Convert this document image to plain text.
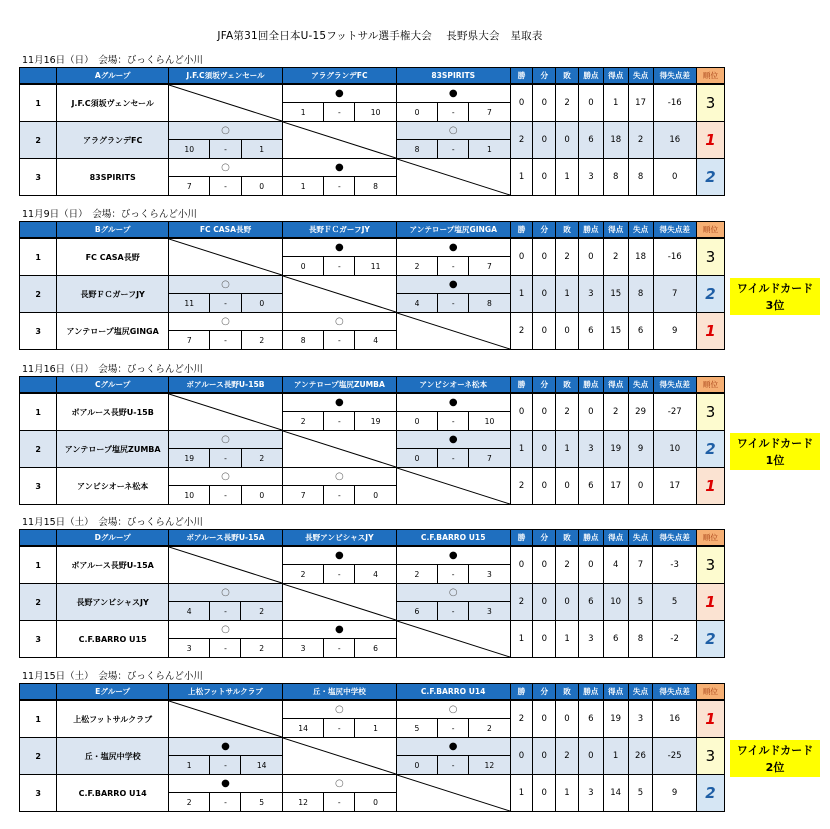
JFA第31回全日本U-15フットサル選手権大会　 長野県大会　星取表
11月16日（日）　会場：びっくらんど小川
	Aグループ	J.F.C須坂ヴェンセール			アラグランデFC			83SPIRITS			勝	分	敗	勝点	得点	失点	得失点差	順位
1	J.F.C須坂ヴェンセール				●			●			0	0	2	0	1	17	-16	3
					1	-	10	0	-	7								
2	アラグランデFC	○						○			2	0	0	6	18	2	16	1
		10	-	1				8	-	1								
3	83SPIRITS	○			●						1	0	1	3	8	8	0	2
		7	-	0	1	-	8											
11月9日（日）　会場：びっくらんど小川
	Bグループ	FC CASA長野			長野ＦＣガーフJY			アンテロープ塩尻GINGA			勝	分	敗	勝点	得点	失点	得失点差	順位
1	FC CASA長野				●			●			0	0	2	0	2	18	-16	3
					0	-	11	2	-	7								
2	長野ＦＣガーフJY	○						●			1	0	1	3	15	8	7	2
		11	-	0				4	-	8								
3	アンテロープ塩尻GINGA	○			○						2	0	0	6	15	6	9	1
		7	-	2	8	-	4											
ワイルドカード
3位
11月16日（日）　会場：びっくらんど小川
	Cグループ	ボアルース長野U-15B			アンテロープ塩尻ZUMBA			アンビシオーネ松本			勝	分	敗	勝点	得点	失点	得失点差	順位
1	ボアルース長野U-15B				●			●			0	0	2	0	2	29	-27	3
					2	-	19	0	-	10								
2	アンテロープ塩尻ZUMBA	○						●			1	0	1	3	19	9	10	2
		19	-	2				0	-	7								
3	アンビシオーネ松本	○			○						2	0	0	6	17	0	17	1
		10	-	0	7	-	0											
ワイルドカード
1位
11月15日（土）　会場：びっくらんど小川
	Dグループ	ボアルース長野U-15A			長野アンビシャスJY			C.F.BARRO U15			勝	分	敗	勝点	得点	失点	得失点差	順位
1	ボアルース長野U-15A				●			●			0	0	2	0	4	7	-3	3
					2	-	4	2	-	3								
2	長野アンビシャスJY	○						○			2	0	0	6	10	5	5	1
		4	-	2				6	-	3								
3	C.F.BARRO U15	○			●						1	0	1	3	6	8	-2	2
		3	-	2	3	-	6											
11月15日（土）　会場：びっくらんど小川
	Eグループ	上松フットサルクラブ			丘・塩尻中学校			C.F.BARRO U14			勝	分	敗	勝点	得点	失点	得失点差	順位
1	上松フットサルクラブ				○			○			2	0	0	6	19	3	16	1
					14	-	1	5	-	2								
2	丘・塩尻中学校	●						●			0	0	2	0	1	26	-25	3
		1	-	14				0	-	12								
3	C.F.BARRO U14	●			○						1	0	1	3	14	5	9	2
		2	-	5	12	-	0											
ワイルドカード
2位
